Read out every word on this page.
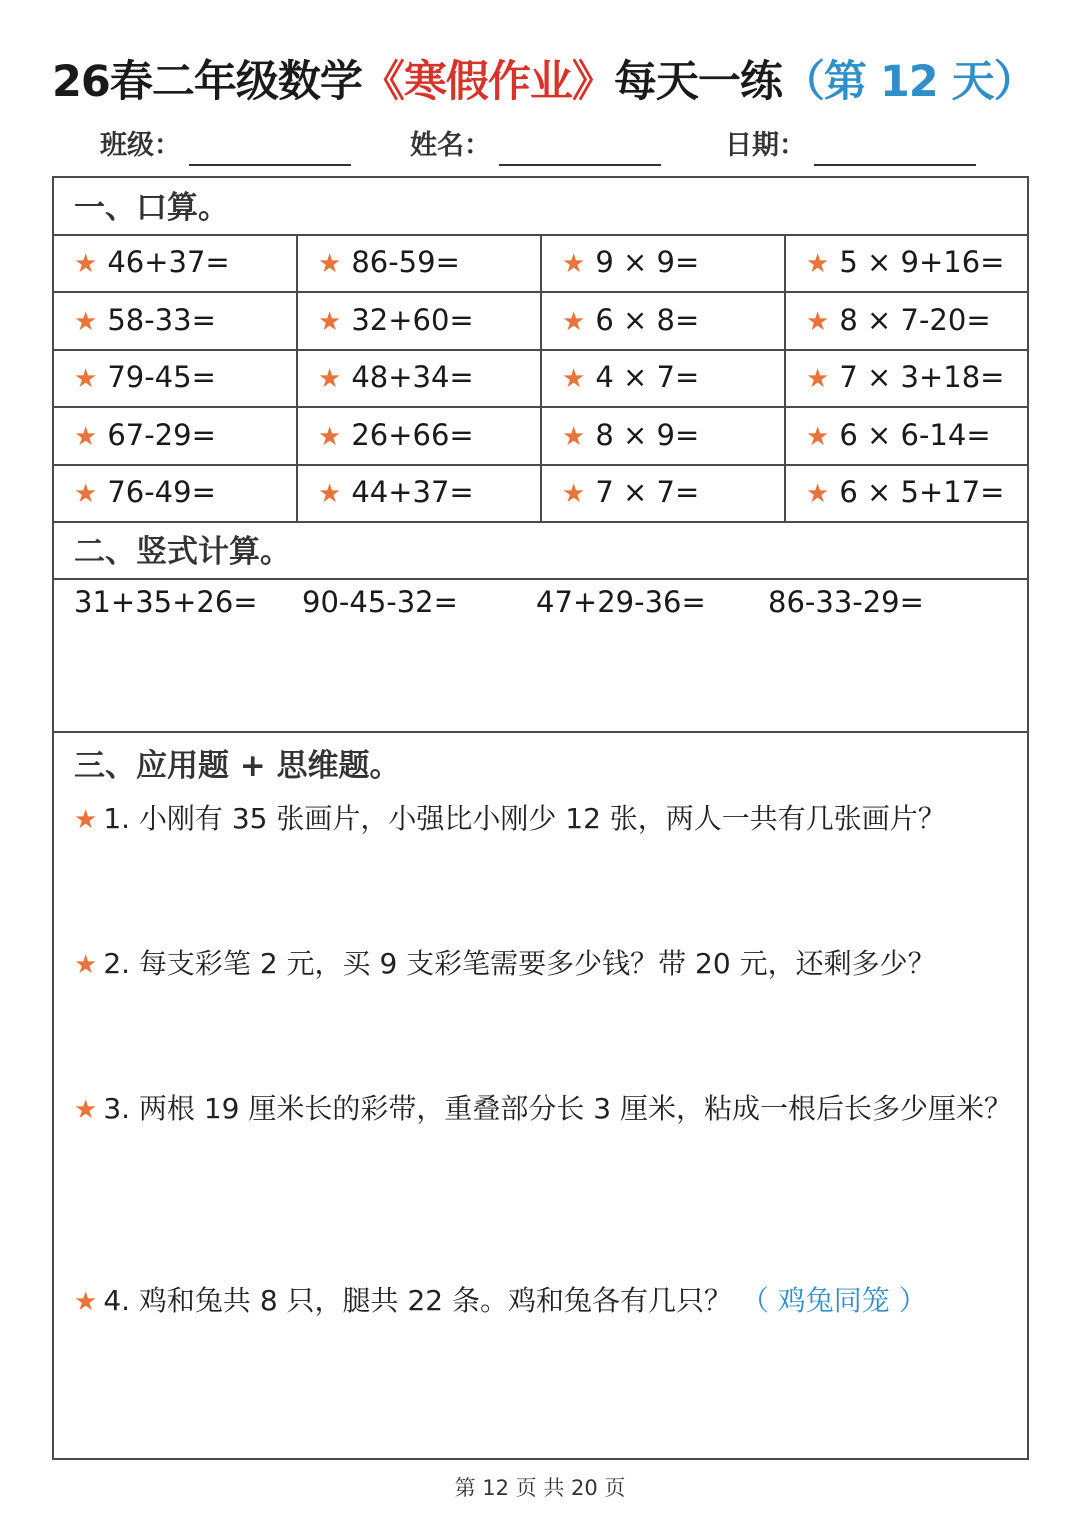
26春二年级数学《寒假作业》每天一练（第 12 天）
班级：	姓名：	日期：
一、口算。
★ 46+37=	★ 86-59=	★ 9 × 9=	★ 5 × 9+16=
★ 58-33=	★ 32+60=	★ 6 × 8=	★ 8 × 7-20=
★ 79-45=	★ 48+34=	★ 4 × 7=	★ 7 × 3+18=
★ 67-29=	★ 26+66=	★ 8 × 9=	★ 6 × 6-14=
★ 76-49=	★ 44+37=	★ 7 × 7=	★ 6 × 5+17=
二、竖式计算。
31+35+26= 90-45-32=	47+29-36= 86-33-29=
三、应用题 + 思维题。
★ 1. 小刚有 35 张画片，小强比小刚少 12 张，两人一共有几张画片？
★ 2. 每支彩笔 2 元，买 9 支彩笔需要多少钱？带 20 元，还剩多少？
★ 3. 两根 19 厘米长的彩带，重叠部分长 3 厘米，粘成一根后长多少厘米？
★ 4. 鸡和兔共 8 只，腿共 22 条。鸡和兔各有几只？ （ 鸡兔同笼 ）
第 12 页 共 20 页
